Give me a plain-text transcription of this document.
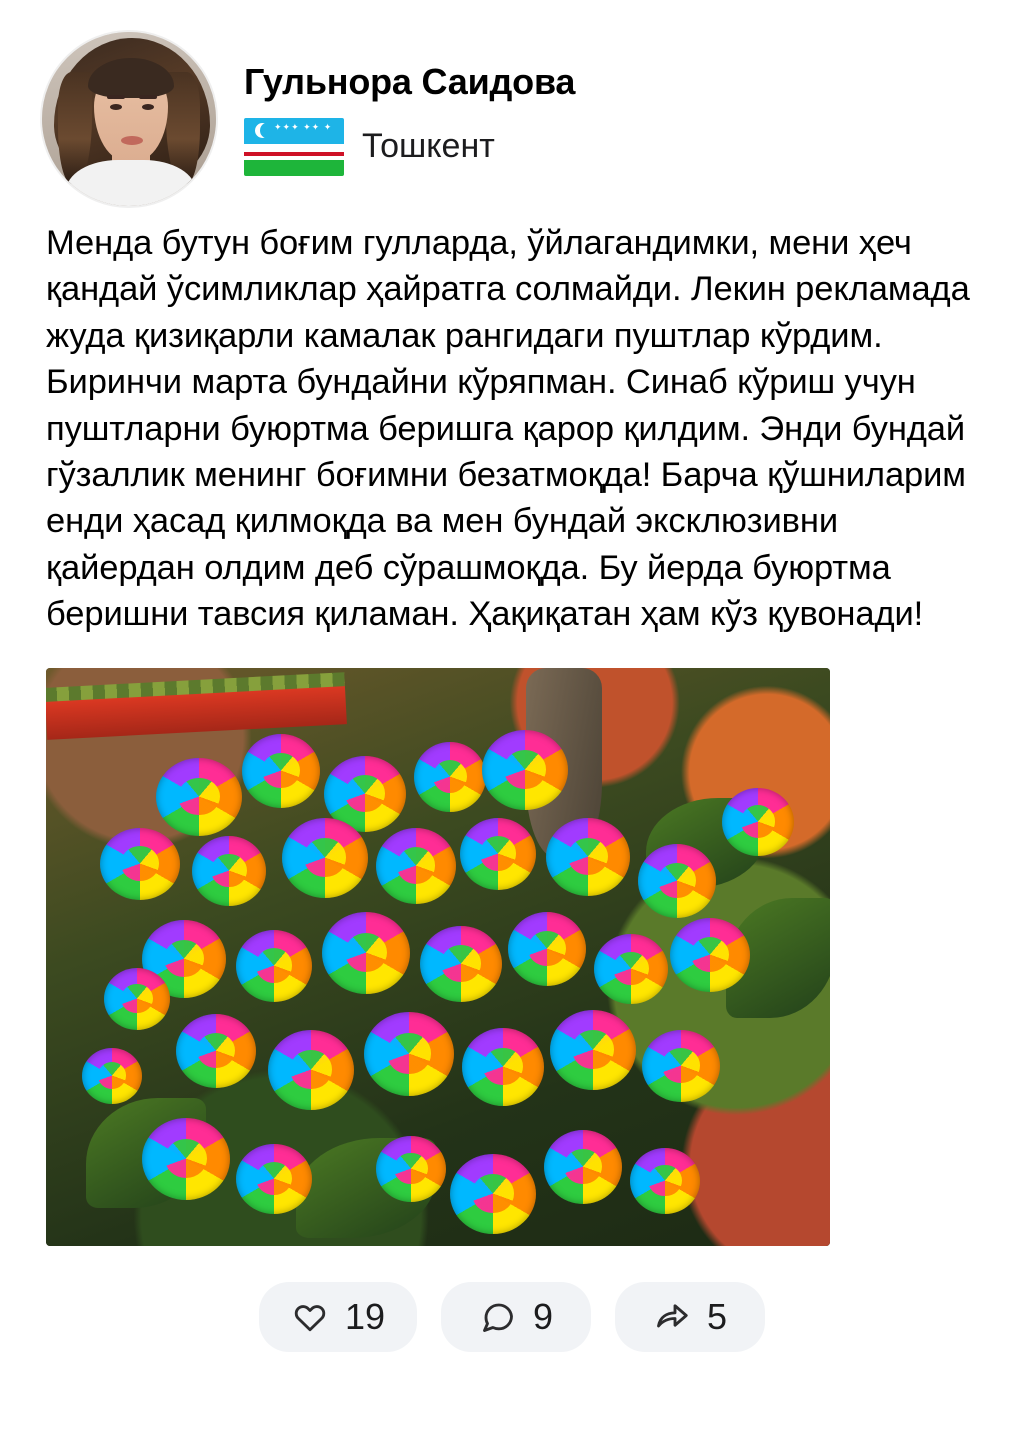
Гульнора Саидова
✦✦✦ ✦✦ ✦
Тошкент
Менда бутун боғим гулларда, ўйлагандимки, мени ҳеч қандай ўсимликлар ҳайратга солмайди. Лекин рекламада жуда қизиқарли камалак рангидаги пуштлар кўрдим. Биринчи марта бундайни кўряпман. Синаб кўриш учун пуштларни буюртма беришга қарор қилдим. Энди бундай гўзаллик менинг боғимни безатмоқда! Барча қўшниларим енди ҳасад қилмоқда ва мен бундай эксклюзивни қайердан олдим деб сўрашмоқда. Бу йерда буюртма беришни тавсия қиламан. Ҳақиқатан ҳам кўз қувонади!
19	9	5
